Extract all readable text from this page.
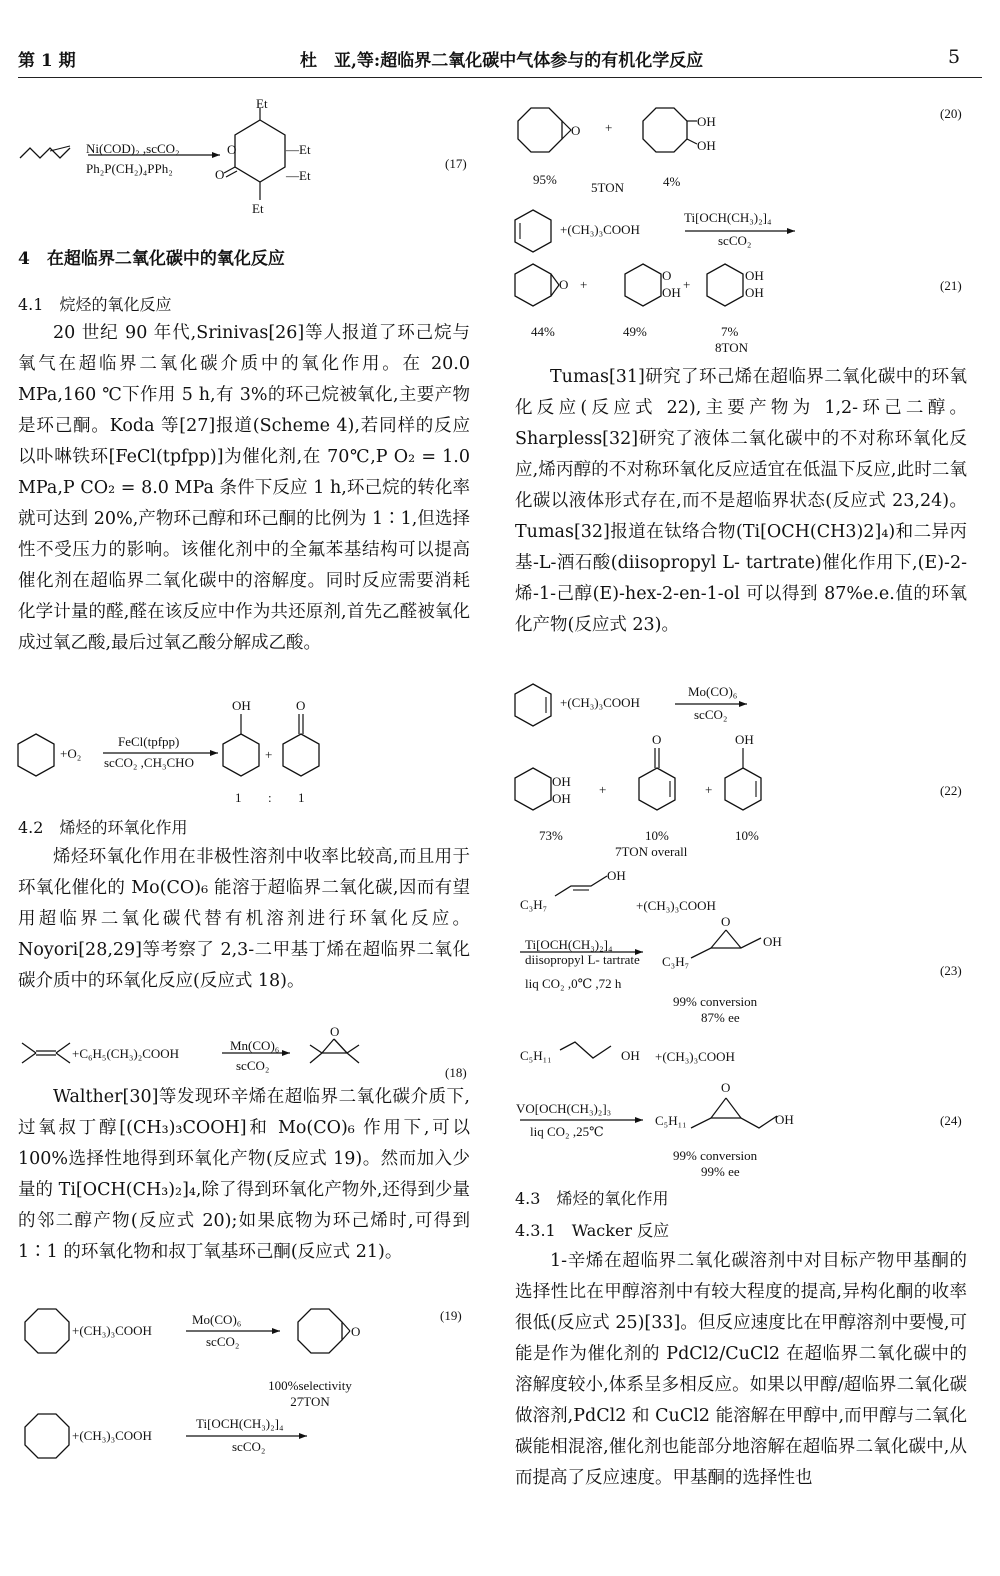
第 1 期	杜　亚,等:超临界二氧化碳中气体参与的有机化学反应	5
Et
—Et
—Et
Et
O
O
Ni(COD)₂ ,scCO₂
Ph₂P(CH₂)₄PPh₂	(17)

4　在超临界二氧化碳中的氧化反应

4.1　烷烃的氧化反应

20 世纪 90 年代,Srinivas[26]等人报道了环己烷与氧气在超临界二氧化碳介质中的氧化作用。在 20.0 MPa,160 ℃下作用 5 h,有 3%的环己烷被氧化,主要产物是环己酮。Koda 等[27]报道(Scheme 4),若同样的反应以卟啉铁环[FeCl(tpfpp)]为催化剂,在 70℃,P O₂ = 1.0 MPa,P CO₂ = 8.0 MPa 条件下反应 1 h,环己烷的转化率就可达到 20%,产物环己醇和环己酮的比例为 1∶1,但选择性不受压力的影响。该催化剂中的全氟苯基结构可以提高催化剂在超临界二氧化碳中的溶解度。同时反应需要消耗化学计量的醛,醛在该反应中作为共还原剂,首先乙醛被氧化成过氧乙酸,最后过氧乙酸分解成乙酸。

+O₂
OH	O
+
1 : 1
FeCl(tpfpp)
scCO₂ ,CH₃CHO

4.2　烯烃的环氧化作用

烯烃环氧化作用在非极性溶剂中收率比较高,而且用于环氧化催化的 Mo(CO)₆ 能溶于超临界二氧化碳,因而有望用超临界二氧化碳代替有机溶剂进行环氧化反应。Noyori[28,29]等考察了 2,3-二甲基丁烯在超临界二氧化碳介质中的环氧化反应(反应式 18)。

O
+C₆H₅(CH₃)₂COOH
Mn(CO)₆
scCO₂	(18)

Walther[30]等发现环辛烯在超临界二氧化碳介质下,过氧叔丁醇[(CH₃)₃COOH]和 Mo(CO)₆ 作用下,可以 100%选择性地得到环氧化产物(反应式 19)。然而加入少量的 Ti[OCH(CH₃)₂]₄,除了得到环氧化产物外,还得到少量的邻二醇产物(反应式 20);如果底物为环己烯时,可得到 1∶1 的环氧化物和叔丁氧基环己酮(反应式 21)。

O
+(CH₃)₃COOH
Mo(CO)₆
scCO₂
(19)
100%selectivity
27TON
+(CH₃)₃COOH
Ti[OCH(CH₃)₂]₄
scCO₂
O +	OH
OH
95%
5TON	4%
(20)
O +
O
OH
+
OH
OH
44%	49%	7%
8TON
+(CH₃)₃COOH
Ti[OCH(CH₃)₂]₄
scCO₂
(21)

Tumas[31]研究了环己烯在超临界二氧化碳中的环氧化反应(反应式 22),主要产物为 1,2-环己二醇。Sharpless[32]研究了液体二氧化碳中的不对称环氧化反应,烯丙醇的不对称环氧化反应适宜在低温下反应,此时二氧化碳以液体形式存在,而不是超临界状态(反应式 23,24)。Tumas[32]报道在钛络合物(Ti[OCH(CH3)2]₄)和二异丙基-L-酒石酸(diisopropyl L- tartrate)催化作用下,(E)-2-烯-1-己醇(E)-hex-2-en-1-ol 可以得到 87%e.e.值的环氧化产物(反应式 23)。

OH
OH
+
O
+
OH
73%	10%	10%
7TON overall
+(CH₃)₃COOH
Mo(CO)₆
scCO₂
(22)
C₃H₇
OH
C₃H₇
O
OH
99% conversion
87% ee
+(CH₃)₃COOH
Ti[OCH(CH₃)₂]₄
diisopropyl L- tartrate
liq CO₂ ,0℃ ,72 h
(23)
C₅H₁₁	OH
C₅H₁₁
O
OH
99% conversion
99% ee
+(CH₃)₃COOH
VO[OCH(CH₃)₂]₃
liq CO₂ ,25℃
(24)

4.3　烯烃的氧化作用

4.3.1　Wacker 反应

1-辛烯在超临界二氧化碳溶剂中对目标产物甲基酮的选择性比在甲醇溶剂中有较大程度的提高,异构化酮的收率很低(反应式 25)[33]。但反应速度比在甲醇溶剂中要慢,可能是作为催化剂的 PdCl2/CuCl2 在超临界二氧化碳中的溶解度较小,体系呈多相反应。如果以甲醇/超临界二氧化碳做溶剂,PdCl2 和 CuCl2 能溶解在甲醇中,而甲醇与二氧化碳能相混溶,催化剂也能部分地溶解在超临界二氧化碳中,从而提高了反应速度。甲基酮的选择性也
